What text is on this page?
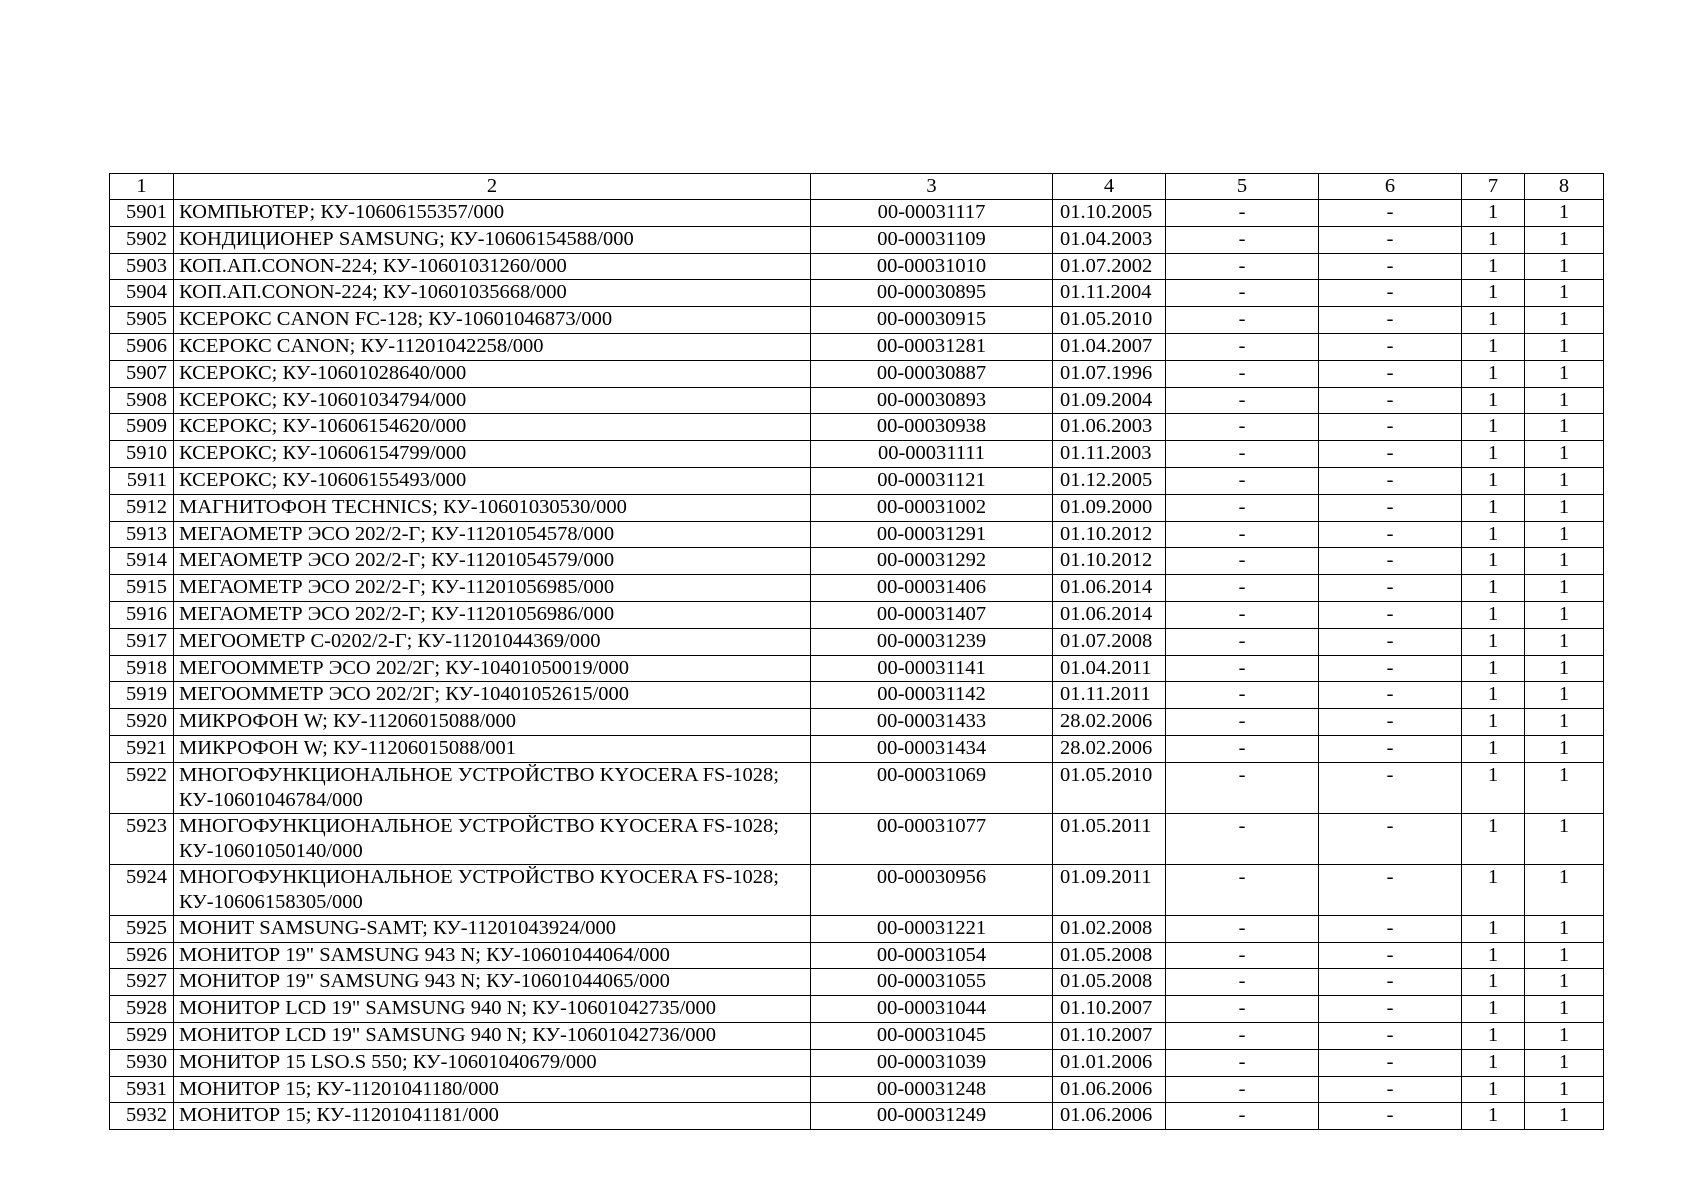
1	2	3	4	5	6	7	8
5901	КОМПЬЮТЕР; КУ-10606155357/000	00-00031117	01.10.2005	-	-	1	1
5902	КОНДИЦИОНЕР SAMSUNG; КУ-10606154588/000	00-00031109	01.04.2003	-	-	1	1
5903	КОП.АП.CONON-224; КУ-10601031260/000	00-00031010	01.07.2002	-	-	1	1
5904	КОП.АП.CONON-224; КУ-10601035668/000	00-00030895	01.11.2004	-	-	1	1
5905	КСЕРОКС CANON FC-128; КУ-10601046873/000	00-00030915	01.05.2010	-	-	1	1
5906	КСЕРОКС CANON; КУ-11201042258/000	00-00031281	01.04.2007	-	-	1	1
5907	КСЕРОКС; КУ-10601028640/000	00-00030887	01.07.1996	-	-	1	1
5908	КСЕРОКС; КУ-10601034794/000	00-00030893	01.09.2004	-	-	1	1
5909	КСЕРОКС; КУ-10606154620/000	00-00030938	01.06.2003	-	-	1	1
5910	КСЕРОКС; КУ-10606154799/000	00-00031111	01.11.2003	-	-	1	1
5911	КСЕРОКС; КУ-10606155493/000	00-00031121	01.12.2005	-	-	1	1
5912	МАГНИТОФОН TECHNICS; КУ-10601030530/000	00-00031002	01.09.2000	-	-	1	1
5913	МЕГАОМЕТР ЭСО 202/2-Г; КУ-11201054578/000	00-00031291	01.10.2012	-	-	1	1
5914	МЕГАОМЕТР ЭСО 202/2-Г; КУ-11201054579/000	00-00031292	01.10.2012	-	-	1	1
5915	МЕГАОМЕТР ЭСО 202/2-Г; КУ-11201056985/000	00-00031406	01.06.2014	-	-	1	1
5916	МЕГАОМЕТР ЭСО 202/2-Г; КУ-11201056986/000	00-00031407	01.06.2014	-	-	1	1
5917	МЕГООМЕТР С-0202/2-Г; КУ-11201044369/000	00-00031239	01.07.2008	-	-	1	1
5918	МЕГООММЕТР ЭСО 202/2Г; КУ-10401050019/000	00-00031141	01.04.2011	-	-	1	1
5919	МЕГООММЕТР ЭСО 202/2Г; КУ-10401052615/000	00-00031142	01.11.2011	-	-	1	1
5920	МИКРОФОН W; КУ-11206015088/000	00-00031433	28.02.2006	-	-	1	1
5921	МИКРОФОН W; КУ-11206015088/001	00-00031434	28.02.2006	-	-	1	1
5922	МНОГОФУНКЦИОНАЛЬНОЕ УСТРОЙСТВО KYOCERA FS-1028; КУ-10601046784/000	00-00031069	01.05.2010	-	-	1	1
5923	МНОГОФУНКЦИОНАЛЬНОЕ УСТРОЙСТВО KYOCERA FS-1028; КУ-10601050140/000	00-00031077	01.05.2011	-	-	1	1
5924	МНОГОФУНКЦИОНАЛЬНОЕ УСТРОЙСТВО KYOCERA FS-1028; КУ-10606158305/000	00-00030956	01.09.2011	-	-	1	1
5925	МОНИТ SAMSUNG-SAMT; КУ-11201043924/000	00-00031221	01.02.2008	-	-	1	1
5926	МОНИТОР 19" SAMSUNG 943 N; КУ-10601044064/000	00-00031054	01.05.2008	-	-	1	1
5927	МОНИТОР 19" SAMSUNG 943 N; КУ-10601044065/000	00-00031055	01.05.2008	-	-	1	1
5928	МОНИТОР LCD 19" SAMSUNG 940 N; КУ-10601042735/000	00-00031044	01.10.2007	-	-	1	1
5929	МОНИТОР LCD 19" SAMSUNG 940 N; КУ-10601042736/000	00-00031045	01.10.2007	-	-	1	1
5930	МОНИТОР 15 LSO.S 550; КУ-10601040679/000	00-00031039	01.01.2006	-	-	1	1
5931	МОНИТОР 15; КУ-11201041180/000	00-00031248	01.06.2006	-	-	1	1
5932	МОНИТОР 15; КУ-11201041181/000	00-00031249	01.06.2006	-	-	1	1
